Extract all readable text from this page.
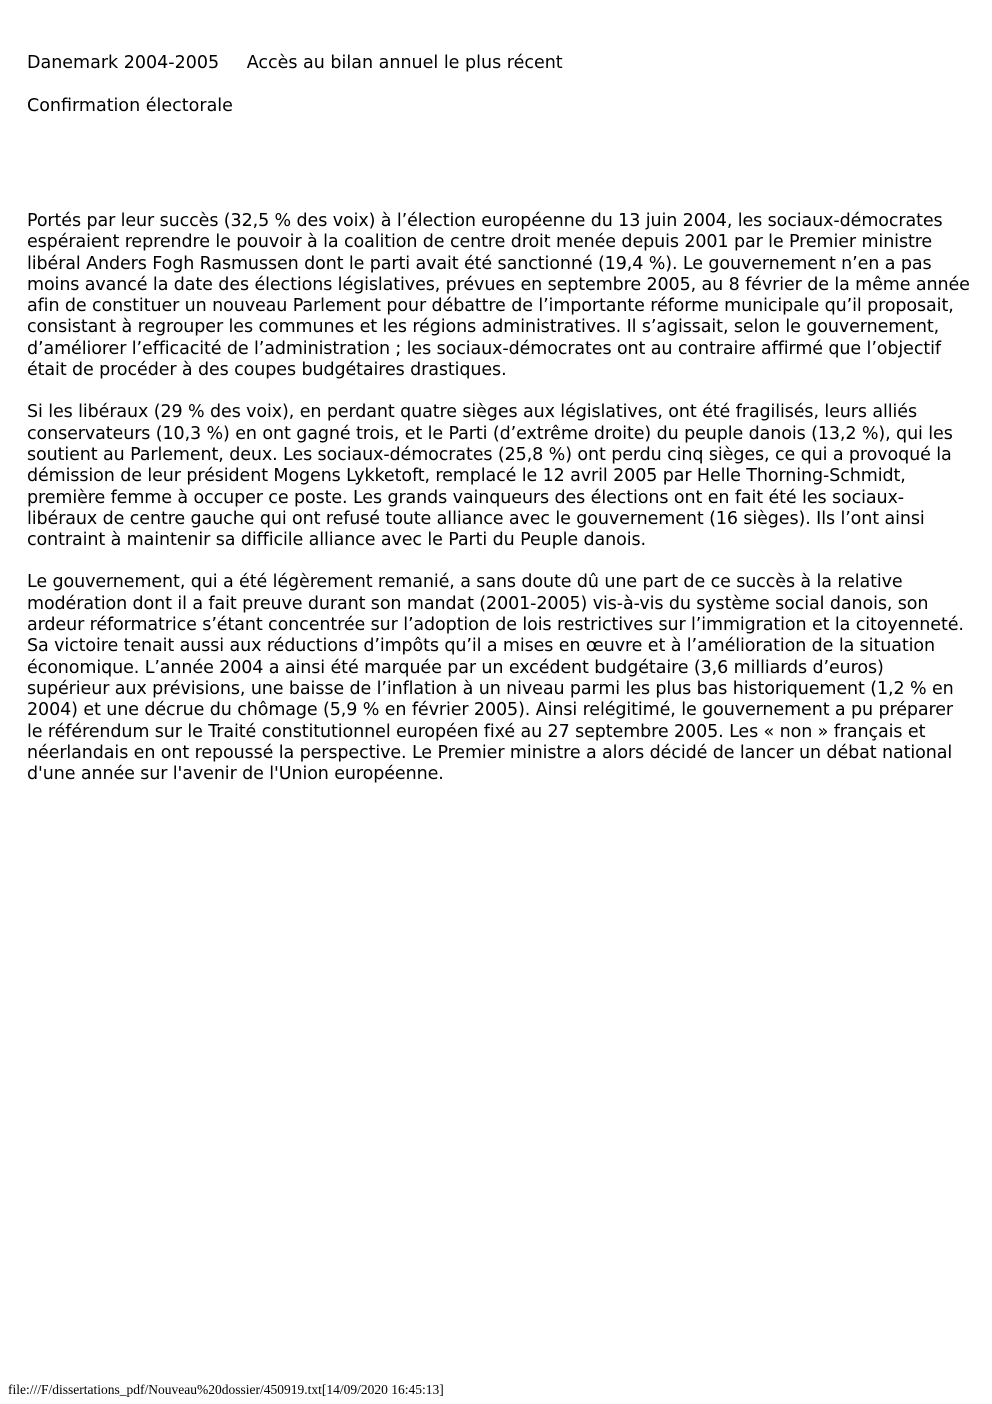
Danemark 2004-2005 Accès au bilan annuel le plus récent
Confirmation électorale

Portés par leur succès (32,5 % des voix) à l’élection européenne du 13 juin 2004, les sociaux-démocrates espéraient reprendre le pouvoir à la coalition de centre droit menée depuis 2001 par le Premier ministre libéral Anders Fogh Rasmussen dont le parti avait été sanctionné (19,4 %). Le gouvernement n’en a pas moins avancé la date des élections législatives, prévues en septembre 2005, au 8 février de la même année afin de constituer un nouveau Parlement pour débattre de l’importante réforme municipale qu’il proposait, consistant à regrouper les communes et les régions administratives. Il s’agissait, selon le gouvernement, d’améliorer l’efficacité de l’administration ; les sociaux-démocrates ont au contraire affirmé que l’objectif était de procéder à des coupes budgétaires drastiques.

Si les libéraux (29 % des voix), en perdant quatre sièges aux législatives, ont été fragilisés, leurs alliés conservateurs (10,3 %) en ont gagné trois, et le Parti (d’extrême droite) du peuple danois (13,2 %), qui les soutient au Parlement, deux. Les sociaux-démocrates (25,8 %) ont perdu cinq sièges, ce qui a provoqué la démission de leur président Mogens Lykketoft, remplacé le 12 avril 2005 par Helle Thorning-Schmidt, première femme à occuper ce poste. Les grands vainqueurs des élections ont en fait été les sociaux-libéraux de centre gauche qui ont refusé toute alliance avec le gouvernement (16 sièges). Ils l’ont ainsi contraint à maintenir sa difficile alliance avec le Parti du Peuple danois.

Le gouvernement, qui a été légèrement remanié, a sans doute dû une part de ce succès à la relative modération dont il a fait preuve durant son mandat (2001-2005) vis-à-vis du système social danois, son ardeur réformatrice s’étant concentrée sur l’adoption de lois restrictives sur l’immigration et la citoyenneté. Sa victoire tenait aussi aux réductions d’impôts qu’il a mises en œuvre et à l’amélioration de la situation économique. L’année 2004 a ainsi été marquée par un excédent budgétaire (3,6 milliards d’euros) supérieur aux prévisions, une baisse de l’inflation à un niveau parmi les plus bas historiquement (1,2 % en 2004) et une décrue du chômage (5,9 % en février 2005). Ainsi relégitimé, le gouvernement a pu préparer le référendum sur le Traité constitutionnel européen fixé au 27 septembre 2005. Les « non » français et néerlandais en ont repoussé la perspective. Le Premier ministre a alors décidé de lancer un débat national d'une année sur l'avenir de l'Union européenne.

file:///F/dissertations_pdf/Nouveau%20dossier/450919.txt[14/09/2020 16:45:13]
